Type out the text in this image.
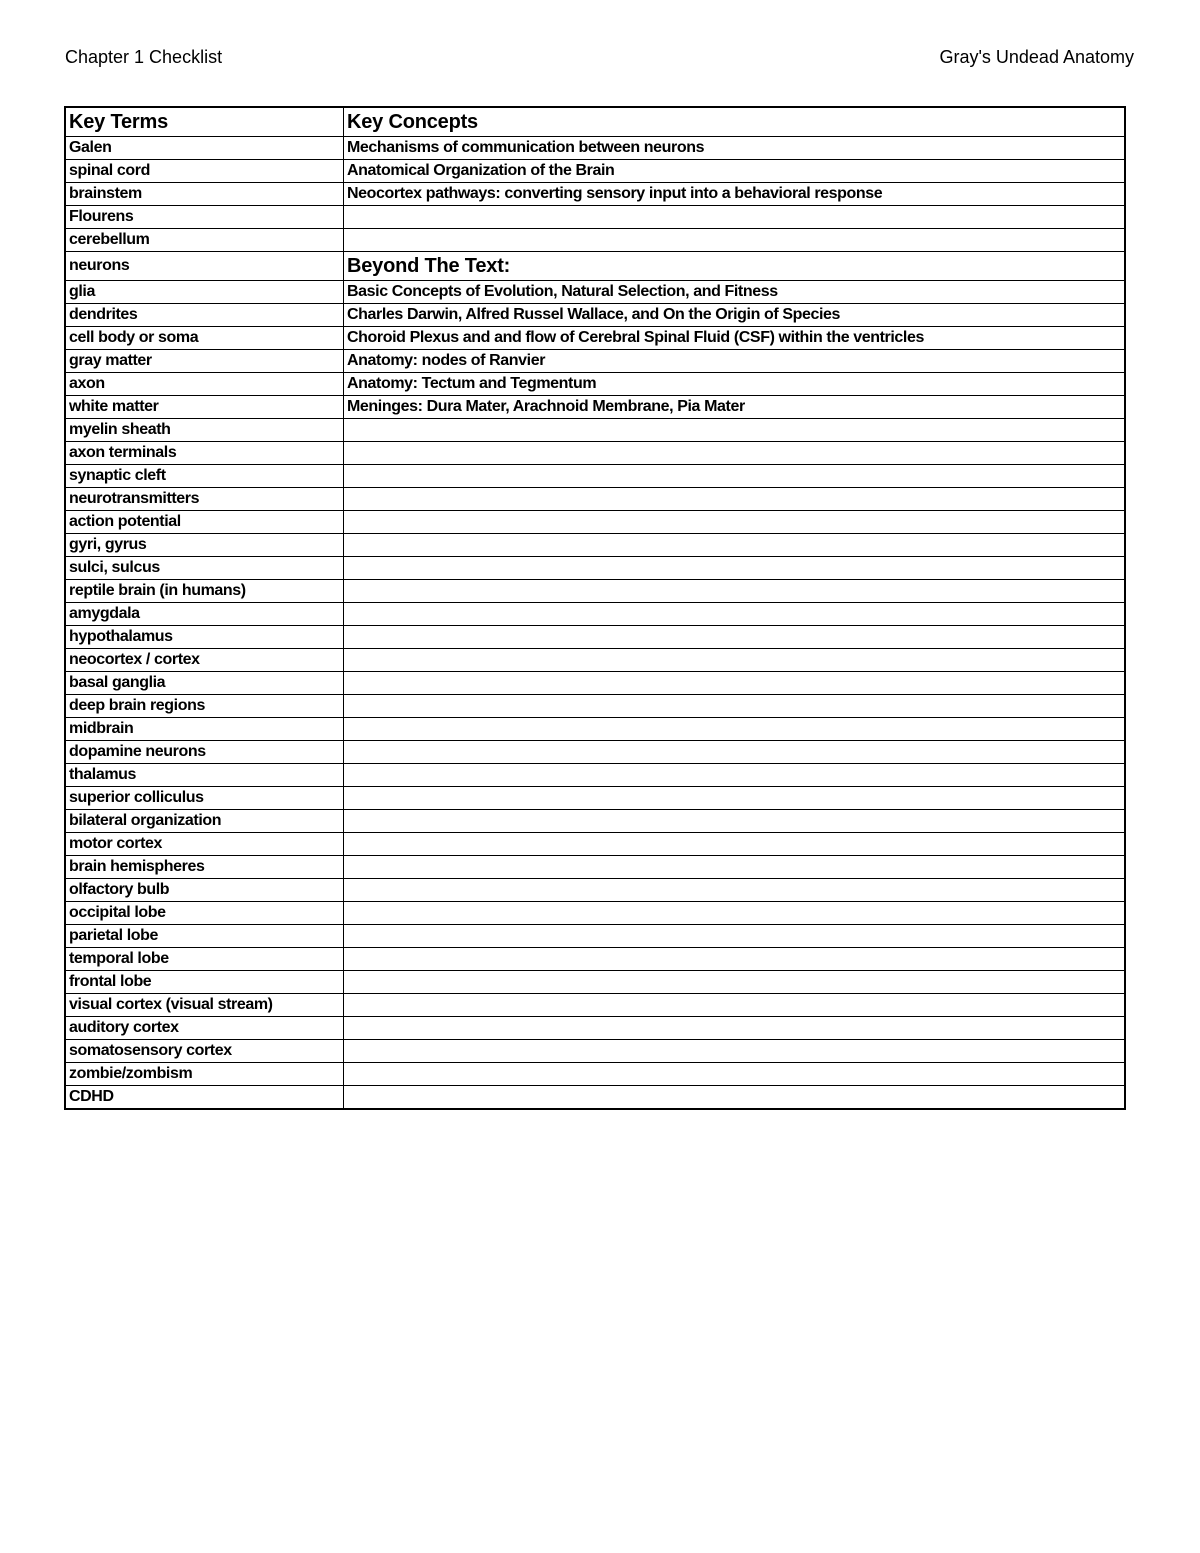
Chapter 1 Checklist	Gray's Undead Anatomy
Key Terms	Key Concepts
Galen	Mechanisms of communication between neurons
spinal cord	Anatomical Organization of the Brain
brainstem	Neocortex pathways: converting sensory input into a behavioral response
Flourens	
cerebellum	
neurons	Beyond The Text:
glia	Basic Concepts of Evolution, Natural Selection, and Fitness
dendrites	Charles Darwin, Alfred Russel Wallace, and On the Origin of Species
cell body or soma	Choroid Plexus and and flow of Cerebral Spinal Fluid (CSF) within the ventricles
gray matter	Anatomy: nodes of Ranvier
axon	Anatomy: Tectum and Tegmentum
white matter	Meninges: Dura Mater, Arachnoid Membrane, Pia Mater
myelin sheath	
axon terminals	
synaptic cleft	
neurotransmitters	
action potential	
gyri, gyrus	
sulci, sulcus	
reptile brain (in humans)	
amygdala	
hypothalamus	
neocortex / cortex	
basal ganglia	
deep brain regions	
midbrain	
dopamine neurons	
thalamus	
superior colliculus	
bilateral organization	
motor cortex	
brain hemispheres	
olfactory bulb	
occipital lobe	
parietal lobe	
temporal lobe	
frontal lobe	
visual cortex (visual stream)	
auditory cortex	
somatosensory cortex	
zombie/zombism	
CDHD	
